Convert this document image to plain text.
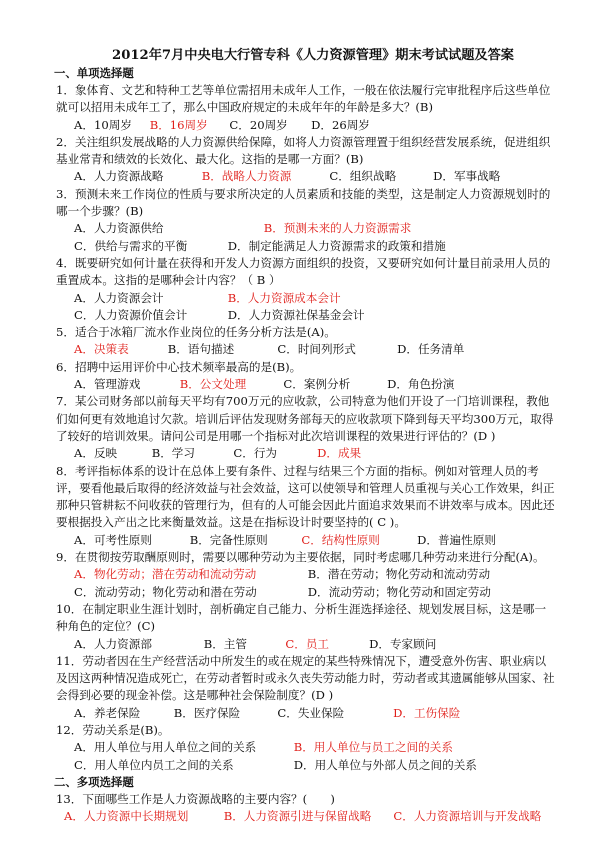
2012年7月中央电大行管专科《人力资源管理》期末考试试题及答案
一、单项选择题
1．象体育、文艺和特种工艺等单位需招用未成年人工作，一般在依法履行完审批程序后这些单位就可以招用未成年工了，那么中国政府规定的未成年年的年龄是多大？(B)
A．10周岁 B．16周岁 C．20周岁 D．26周岁
2．关注组织发展战略的人力资源供给保障，如将人力资源管理置于组织经营发展系统，促进组织基业常青和绩效的长效化、最大化。这指的是哪一方面？(B)
A．人力资源战略	B．战略人力资源	C．组织战略	D．军事战略
3．预测未来工作岗位的性质与要求所决定的人员素质和技能的类型，这是制定人力资源规划时的哪一个步骤？(B)
A．人力资源供给	B．预测未来的人力资源需求
C．供给与需求的平衡	D．制定能满足人力资源需求的政策和措施
4．既要研究如何计量在获得和开发人力资源方面组织的投资，又要研究如何计量目前录用人员的重置成本。这指的是哪种会计内容？（ B ）
A．人力资源会计	B．人力资源成本会计
C．人力资源价值会计	D．人力资源社保基金会计
5．适合于冰箱厂流水作业岗位的任务分析方法是(A)。
A．决策表	B．语句描述	C．时间列形式	D．任务清单
6．招聘中运用评价中心技术频率最高的是(B)。
A．管理游戏	B．公文处理	C．案例分析	D．角色扮演
7．某公司财务部以前每天平均有700万元的应收款，公司特意为他们开设了一门培训课程，教他们如何更有效地追讨欠款。培训后评估发现财务部每天的应收款项下降到每天平均300万元，取得了较好的培训效果。请问公司是用哪一个指标对此次培训课程的效果进行评估的？(D )
A．反映	B．学习	C．行为	D．成果
8．考评指标体系的设计在总体上要有条件、过程与结果三个方面的指标。例如对管理人员的考评，要看他最后取得的经济效益与社会效益，这可以使领导和管理人员重视与关心工作效果，纠正那种只管耕耘不问收获的管理行为，但有的人可能会因此片面追求效果而不讲效率与成本。因此还要根据投入产出之比来衡量效益。这是在指标设计时要坚持的( C )。
A．可考性原则	B．完备性原则	C．结构性原则	D．普遍性原则
9．在贯彻按劳取酬原则时，需要以哪种劳动为主要依据，同时考虑哪几种劳动来进行分配(A)。
A．物化劳动；潜在劳动和流动劳动	B．潜在劳动；物化劳动和流动劳动
C．流动劳动；物化劳动和潜在劳动	D．流动劳动；物化劳动和固定劳动
10．在制定职业生涯计划时，剖析确定自己能力、分析生涯选择途径、规划发展目标，这是哪一种角色的定位？(C)
A．人力资源部	B．主管	C．员工	D．专家顾问
11．劳动者因在生产经营活动中所发生的或在规定的某些特殊情况下，遭受意外伤害、职业病以及因这两种情况造成死亡，在劳动者暂时或永久丧失劳动能力时，劳动者或其遗属能够从国家、社会得到必要的现金补偿。这是哪种社会保险制度？(D )
A．养老保险	B．医疗保险	C．失业保险	D．工伤保险
12．劳动关系是(B)。
A．用人单位与用人单位之间的关系	B．用人单位与员工之间的关系
C．用人单位内员工之间的关系	D．用人单位与外部人员之间的关系
二、多项选择题
13．下面哪些工作是人力资源战略的主要内容？(　　)
A．人力资源中长期规划	B．人力资源引进与保留战略 C．人力资源培训与开发战略
